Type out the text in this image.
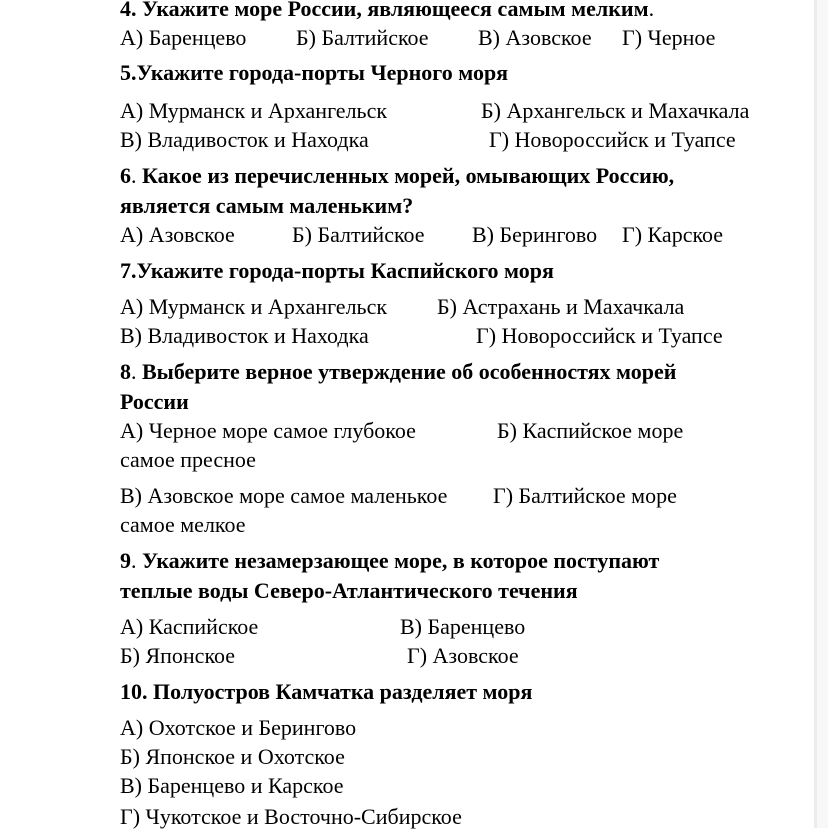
4. Укажите море России, являющееся самым мелким.

А) Баренцево

Б) Балтийское

В) Азовское

Г) Черное

5.Укажите города-порты Черного моря

А) Мурманск и Архангельск

	Б) Архангельск и Махачкала

В) Владивосток и Находка

	Г) Новороссийск и Туапсе

6. Какое из перечисленных морей, омывающих Россию,
является самым маленьким?

А) Азовское

	Б) Балтийское

В) Берингово

Г) Карское

7.Укажите города-порты Каспийского моря

А) Мурманск и Архангельск

Б) Астрахань и Махачкала

В) Владивосток и Находка

	Г) Новороссийск и Туапсе

8. Выберите верное утверждение об особенностях морей
России

А) Черное море самое глубокое

	Б) Каспийское море

самое пресное

В) Азовское море самое маленькое

Г) Балтийское море

самое мелкое
9. Укажите незамерзающее море, в которое поступают
теплые воды Северо-Атлантического течения

А) Каспийское

	В) Баренцево

Б) Японское

	Г) Азовское

10. Полуостров Камчатка разделяет моря
А) Охотское и Берингово
Б) Японское и Охотское
В) Баренцево и Карское
Г) Чукотское и Восточно-Сибирское
